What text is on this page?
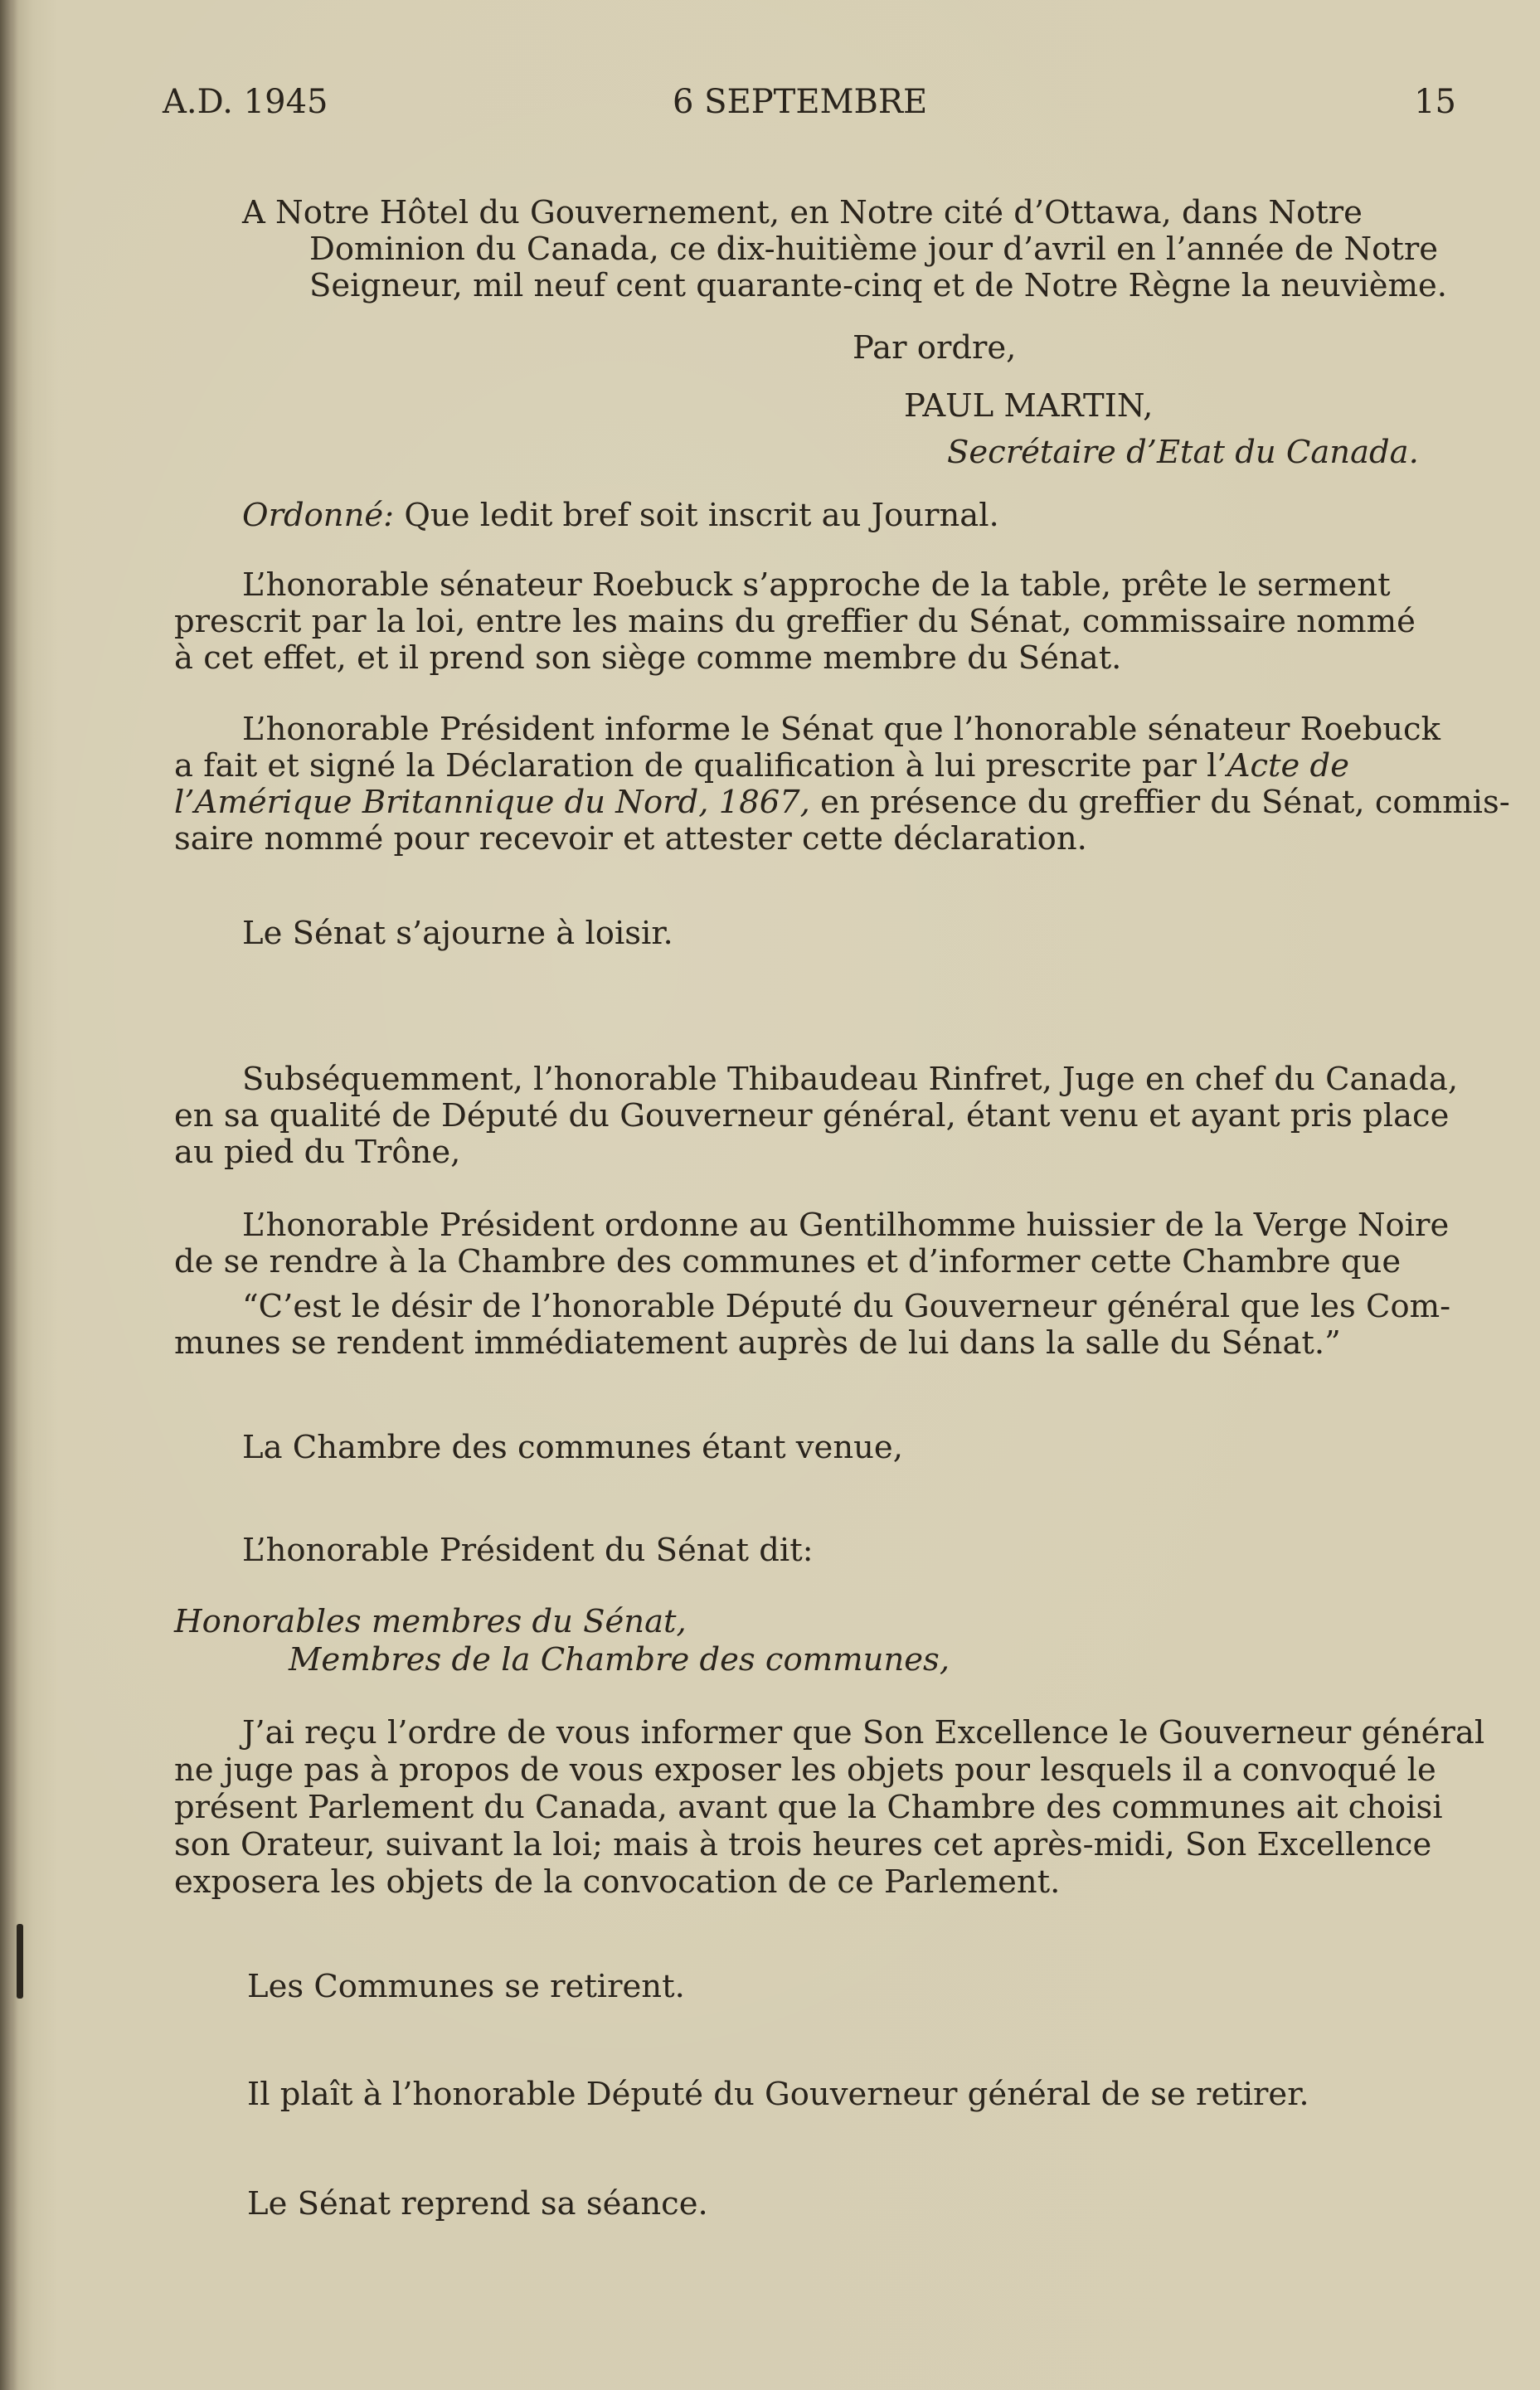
A.D. 1945	6 SEPTEMBRE	15
A Notre Hôtel du Gouvernement, en Notre cité d’Ottawa, dans Notre
Dominion du Canada, ce dix-huitième jour d’avril en l’année de Notre
Seigneur, mil neuf cent quarante-cinq et de Notre Règne la neuvième.
Par ordre,
PAUL MARTIN,
Secrétaire d’Etat du Canada.
Ordonné: Que ledit bref soit inscrit au Journal.
L’honorable sénateur Roebuck s’approche de la table, prête le serment
prescrit par la loi, entre les mains du greffier du Sénat, commissaire nommé
à cet effet, et il prend son siège comme membre du Sénat.
L’honorable Président informe le Sénat que l’honorable sénateur Roebuck
a fait et signé la Déclaration de qualification à lui prescrite par l’Acte de
l’Amérique Britannique du Nord, 1867, en présence du greffier du Sénat, commis-
saire nommé pour recevoir et attester cette déclaration.
Le Sénat s’ajourne à loisir.
Subséquemment, l’honorable Thibaudeau Rinfret, Juge en chef du Canada,
en sa qualité de Député du Gouverneur général, étant venu et ayant pris place
au pied du Trône,
L’honorable Président ordonne au Gentilhomme huissier de la Verge Noire
de se rendre à la Chambre des communes et d’informer cette Chambre que
“C’est le désir de l’honorable Député du Gouverneur général que les Com-
munes se rendent immédiatement auprès de lui dans la salle du Sénat.”
La Chambre des communes étant venue,
L’honorable Président du Sénat dit:
Honorables membres du Sénat,
Membres de la Chambre des communes,
J’ai reçu l’ordre de vous informer que Son Excellence le Gouverneur général
ne juge pas à propos de vous exposer les objets pour lesquels il a convoqué le
présent Parlement du Canada, avant que la Chambre des communes ait choisi
son Orateur, suivant la loi; mais à trois heures cet après-midi, Son Excellence
exposera les objets de la convocation de ce Parlement.
Les Communes se retirent.
Il plaît à l’honorable Député du Gouverneur général de se retirer.
Le Sénat reprend sa séance.
